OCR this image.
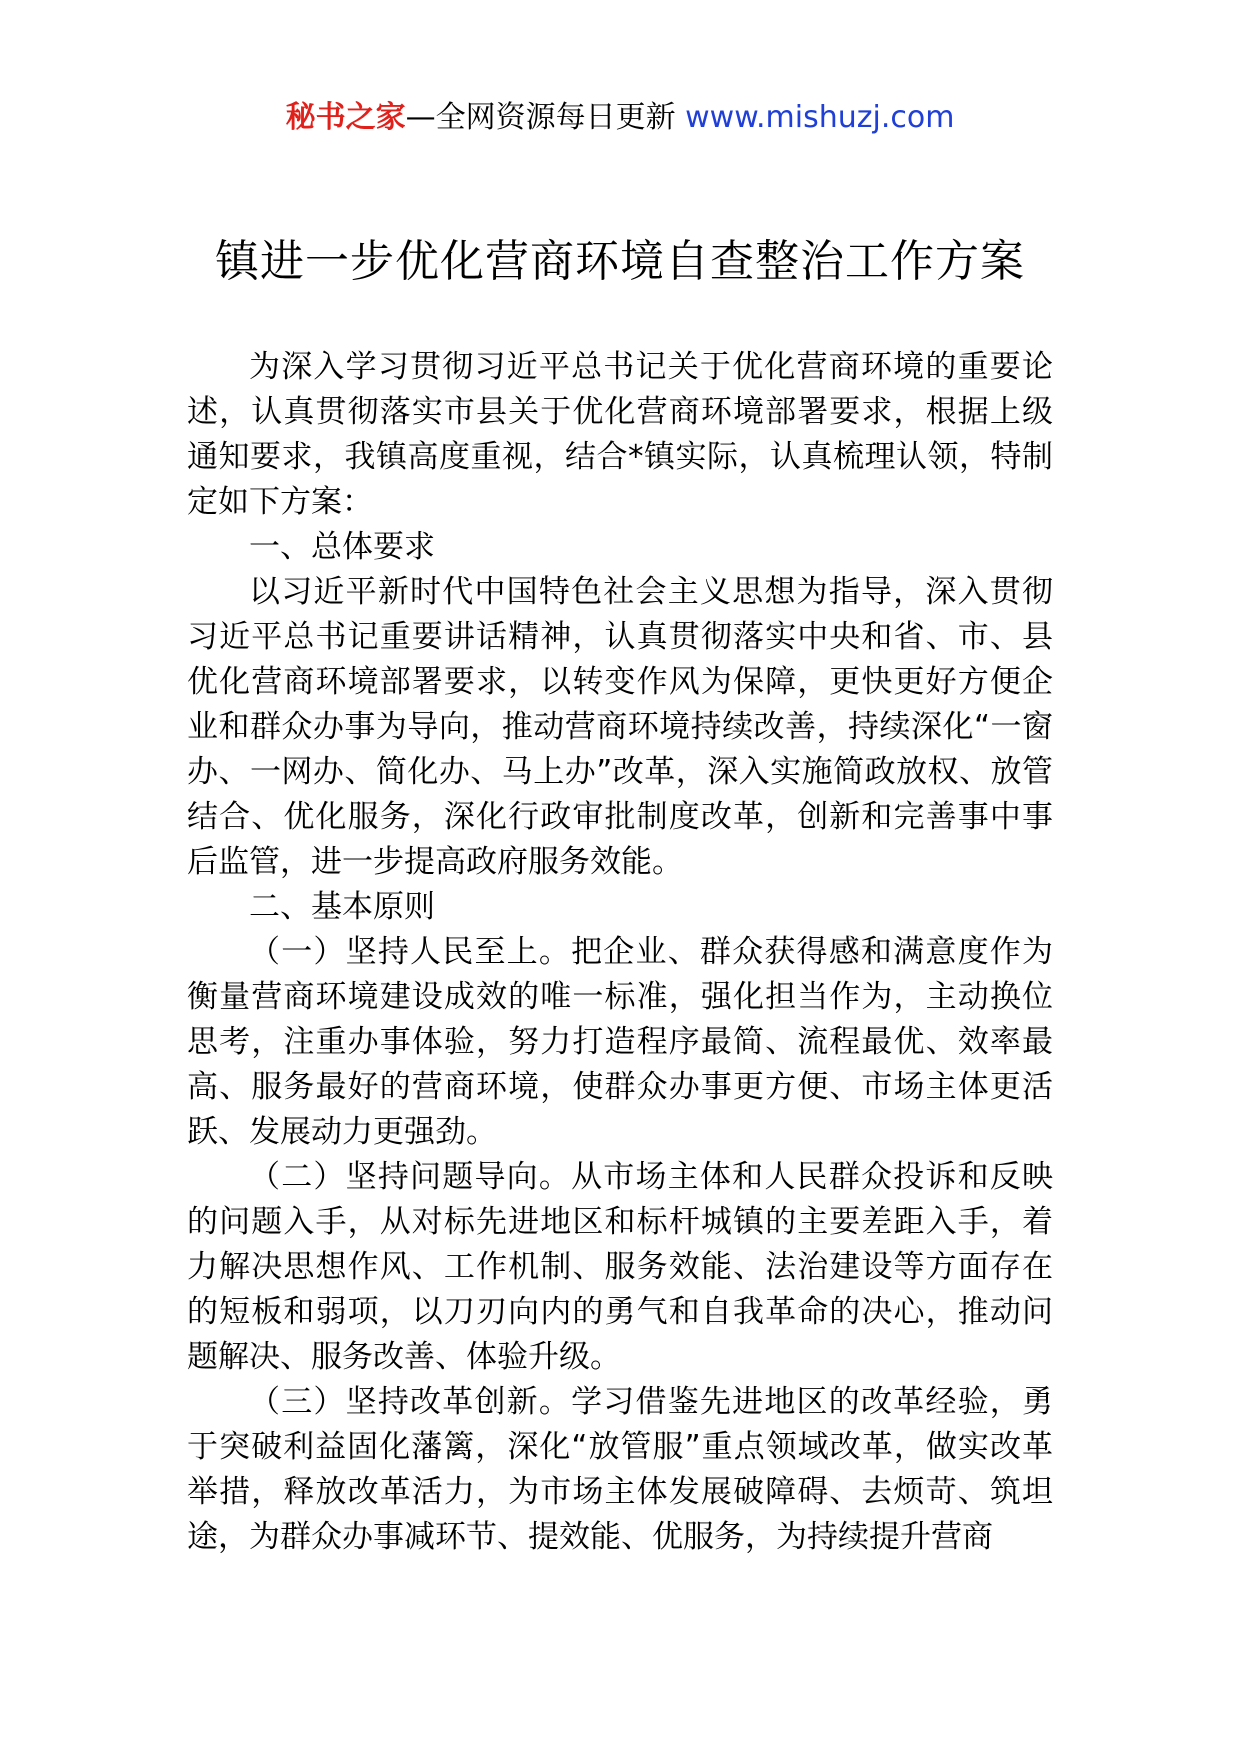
秘书之家—全网资源每日更新 www.mishuzj.com
镇进一步优化营商环境自查整治工作方案

为深入学习贯彻习近平总书记关于优化营商环境的重要论述，认真贯彻落实市县关于优化营商环境部署要求，根据上级通知要求，我镇高度重视，结合*镇实际，认真梳理认领，特制定如下方案：

一、总体要求

以习近平新时代中国特色社会主义思想为指导，深入贯彻习近平总书记重要讲话精神，认真贯彻落实中央和省、市、县优化营商环境部署要求，以转变作风为保障，更快更好方便企业和群众办事为导向，推动营商环境持续改善，持续深化“一窗办、一网办、简化办、马上办”改革，深入实施简政放权、放管结合、优化服务，深化行政审批制度改革，创新和完善事中事后监管，进一步提高政府服务效能。

二、基本原则

（一）坚持人民至上。把企业、群众获得感和满意度作为衡量营商环境建设成效的唯一标准，强化担当作为，主动换位思考，注重办事体验，努力打造程序最简、流程最优、效率最高、服务最好的营商环境，使群众办事更方便、市场主体更活跃、发展动力更强劲。

（二）坚持问题导向。从市场主体和人民群众投诉和反映的问题入手，从对标先进地区和标杆城镇的主要差距入手，着力解决思想作风、工作机制、服务效能、法治建设等方面存在的短板和弱项，以刀刃向内的勇气和自我革命的决心，推动问题解决、服务改善、体验升级。

（三）坚持改革创新。学习借鉴先进地区的改革经验，勇于突破利益固化藩篱，深化“放管服”重点领域改革，做实改革举措，释放改革活力，为市场主体发展破障碍、去烦苛、筑坦途，为群众办事减环节、提效能、优服务，为持续提升营商
